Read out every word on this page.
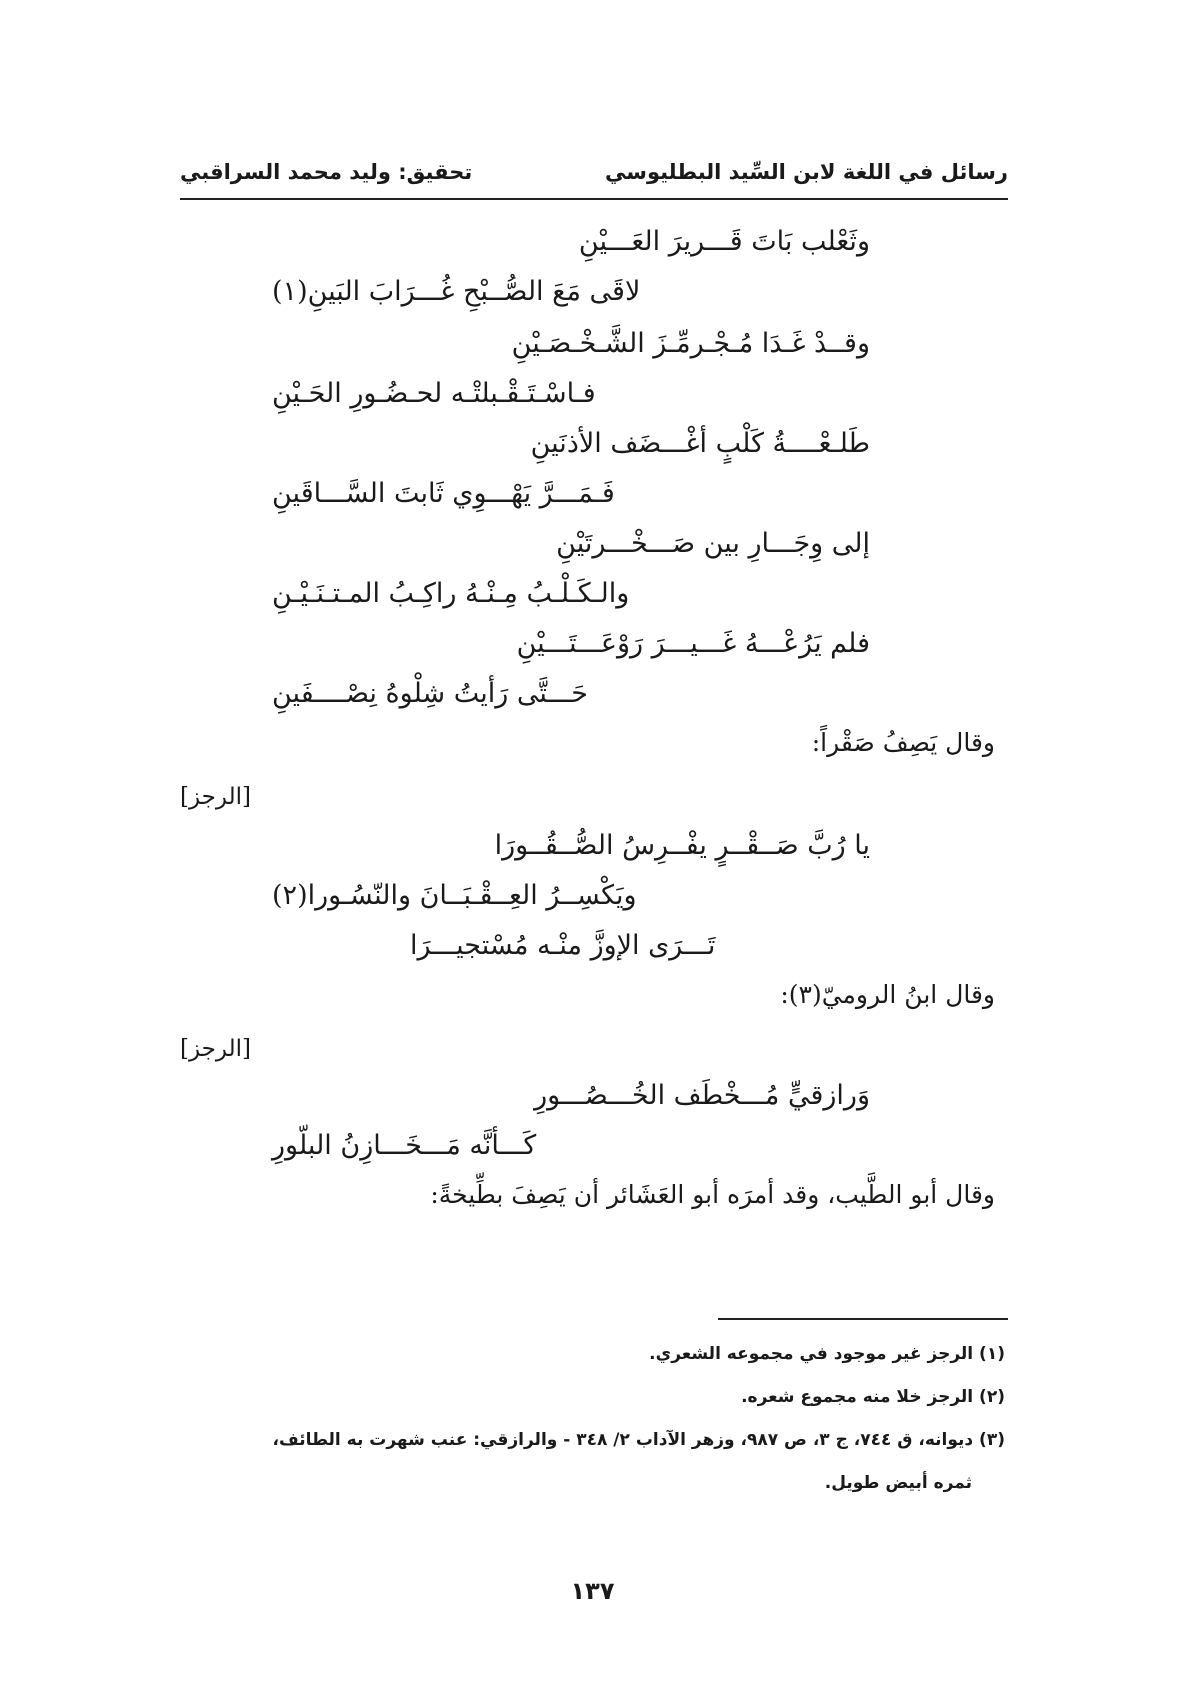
رسائل في اللغة لابن السِّيد البطليوسي
تحقيق: وليد محمد السراقبي
وثَعْلب بَاتَ قَـــريرَ العَـــيْنِ
لاقَى مَعَ الصُّــبْحِ غُـــرَابَ البَينِ(١)
وقــدْ غَـدَا مُـجْـرمِّـزَ الشَّـخْـصَـيْنِ
فـاسْـتَـقْـبلتْـه لحـضُـورِ الحَـيْنِ
طَلـعْــــةُ كَلْبٍ أغْـــضَف الأذنَينِ
فَـمَـــرَّ يَهْـــوِي ثَابتَ السَّـــاقَينِ
إلى وِجَـــارِ بين صَـــخْـــرتَيْنِ
والـكَـلْـبُ مِـنْـهُ راكِـبُ المـتـنَـيْـنِ
فلم يَرُعْـــهُ غَـــيـــرَ رَوْعَـــتَـــيْنِ
حَـــتَّى رَأيتُ شِلْوهُ نِصْــــفَينِ
وقال يَصِفُ صَقْراً:
[الرجز]
يا رُبَّ صَــقْــرٍ يفْــرِسُ الصُّــقُــورَا
ويَكْسِــرُ العِــقْـبَــانَ والنّسُـورا(٢)
تَـــرَى الإوزَّ منْـه مُسْتجيـــرَا
وقال ابنُ الروميّ(٣):
[الرجز]
وَرازقيٍّ مُـــخْطَف الخُـــصُـــورِ
كَـــأنَّه مَـــخَـــازِنُ البلّورِ
وقال أبو الطَّيب، وقد أمرَه أبو العَشَائر أن يَصِفَ بطِّيخةً:
(١) الرجز غير موجود في مجموعه الشعري.
(٢) الرجز خلا منه مجموع شعره.
(٣) ديوانه، ق ٧٤٤، ج ٣، ص ٩٨٧، وزهر الآداب ٢/ ٣٤٨ - والرازقي: عنب شهرت به الطائف،
ثمره أبيض طويل.
١٣٧
